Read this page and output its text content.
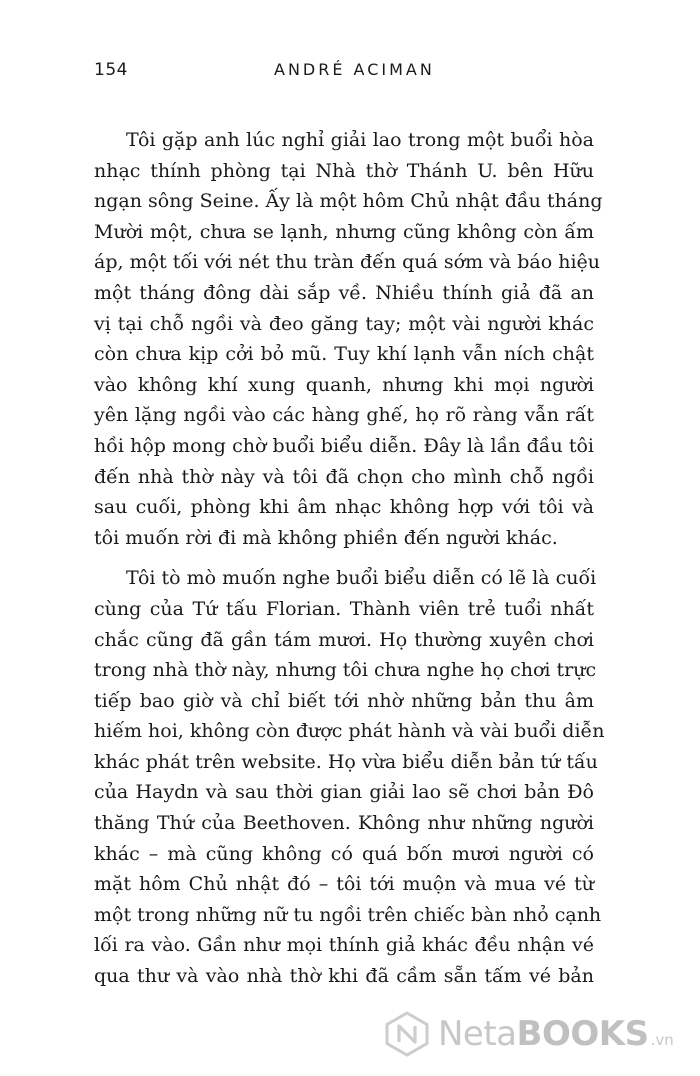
154	ANDRÉ ACIMAN
Tôi gặp anh lúc nghỉ giải lao trong một buổi hòa
nhạc thính phòng tại Nhà thờ Thánh U. bên Hữu
ngạn sông Seine. Ấy là một hôm Chủ nhật đầu tháng
Mười một, chưa se lạnh, nhưng cũng không còn ấm
áp, một tối với nét thu tràn đến quá sớm và báo hiệu
một tháng đông dài sắp về. Nhiều thính giả đã an
vị tại chỗ ngồi và đeo găng tay; một vài người khác
còn chưa kịp cởi bỏ mũ. Tuy khí lạnh vẫn ních chật
vào không khí xung quanh, nhưng khi mọi người
yên lặng ngồi vào các hàng ghế, họ rõ ràng vẫn rất
hồi hộp mong chờ buổi biểu diễn. Đây là lần đầu tôi
đến nhà thờ này và tôi đã chọn cho mình chỗ ngồi
sau cuối, phòng khi âm nhạc không hợp với tôi và
tôi muốn rời đi mà không phiền đến người khác.
Tôi tò mò muốn nghe buổi biểu diễn có lẽ là cuối
cùng của Tứ tấu Florian. Thành viên trẻ tuổi nhất
chắc cũng đã gần tám mươi. Họ thường xuyên chơi
trong nhà thờ này, nhưng tôi chưa nghe họ chơi trực
tiếp bao giờ và chỉ biết tới nhờ những bản thu âm
hiếm hoi, không còn được phát hành và vài buổi diễn
khác phát trên website. Họ vừa biểu diễn bản tứ tấu
của Haydn và sau thời gian giải lao sẽ chơi bản Đô
thăng Thứ của Beethoven. Không như những người
khác – mà cũng không có quá bốn mươi người có
mặt hôm Chủ nhật đó – tôi tới muộn và mua vé từ
một trong những nữ tu ngồi trên chiếc bàn nhỏ cạnh
lối ra vào. Gần như mọi thính giả khác đều nhận vé
qua thư và vào nhà thờ khi đã cầm sẵn tấm vé bản
NetaBOOKS .vn
